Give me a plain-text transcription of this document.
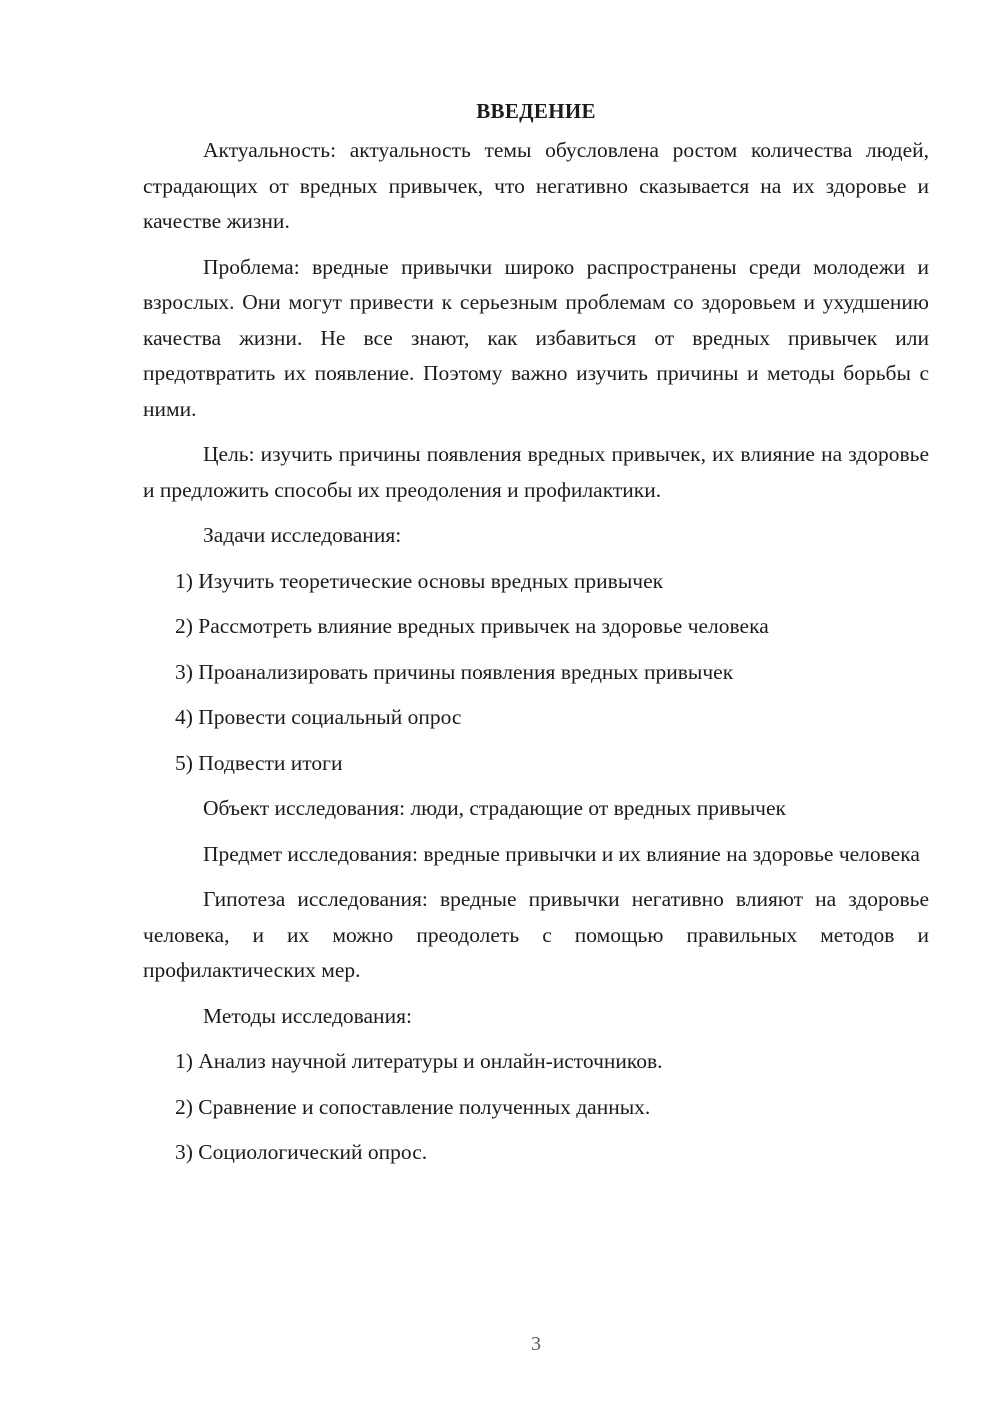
ВВЕДЕНИЕ

Актуальность: актуальность темы обусловлена ростом количества людей, страдающих от вредных привычек, что негативно сказывается на их здоровье и качестве жизни.

Проблема: вредные привычки широко распространены среди молодежи и взрослых. Они могут привести к серьезным проблемам со здоровьем и ухудшению качества жизни. Не все знают, как избавиться от вредных привычек или предотвратить их появление. Поэтому важно изучить причины и методы борьбы с ними.

Цель: изучить причины появления вредных привычек, их влияние на здоровье и предложить способы их преодоления и профилактики.

Задачи исследования:
1) Изучить теоретические основы вредных привычек
2) Рассмотреть влияние вредных привычек на здоровье человека
3) Проанализировать причины появления вредных привычек
4) Провести социальный опрос
5) Подвести итоги

Объект исследования: люди, страдающие от вредных привычек

Предмет исследования: вредные привычки и их влияние на здоровье человека

Гипотеза исследования: вредные привычки негативно влияют на здоровье человека, и их можно преодолеть с помощью правильных методов и профилактических мер.

Методы исследования:
1) Анализ научной литературы и онлайн-источников.
2) Сравнение и сопоставление полученных данных.
3) Социологический опрос.
3
